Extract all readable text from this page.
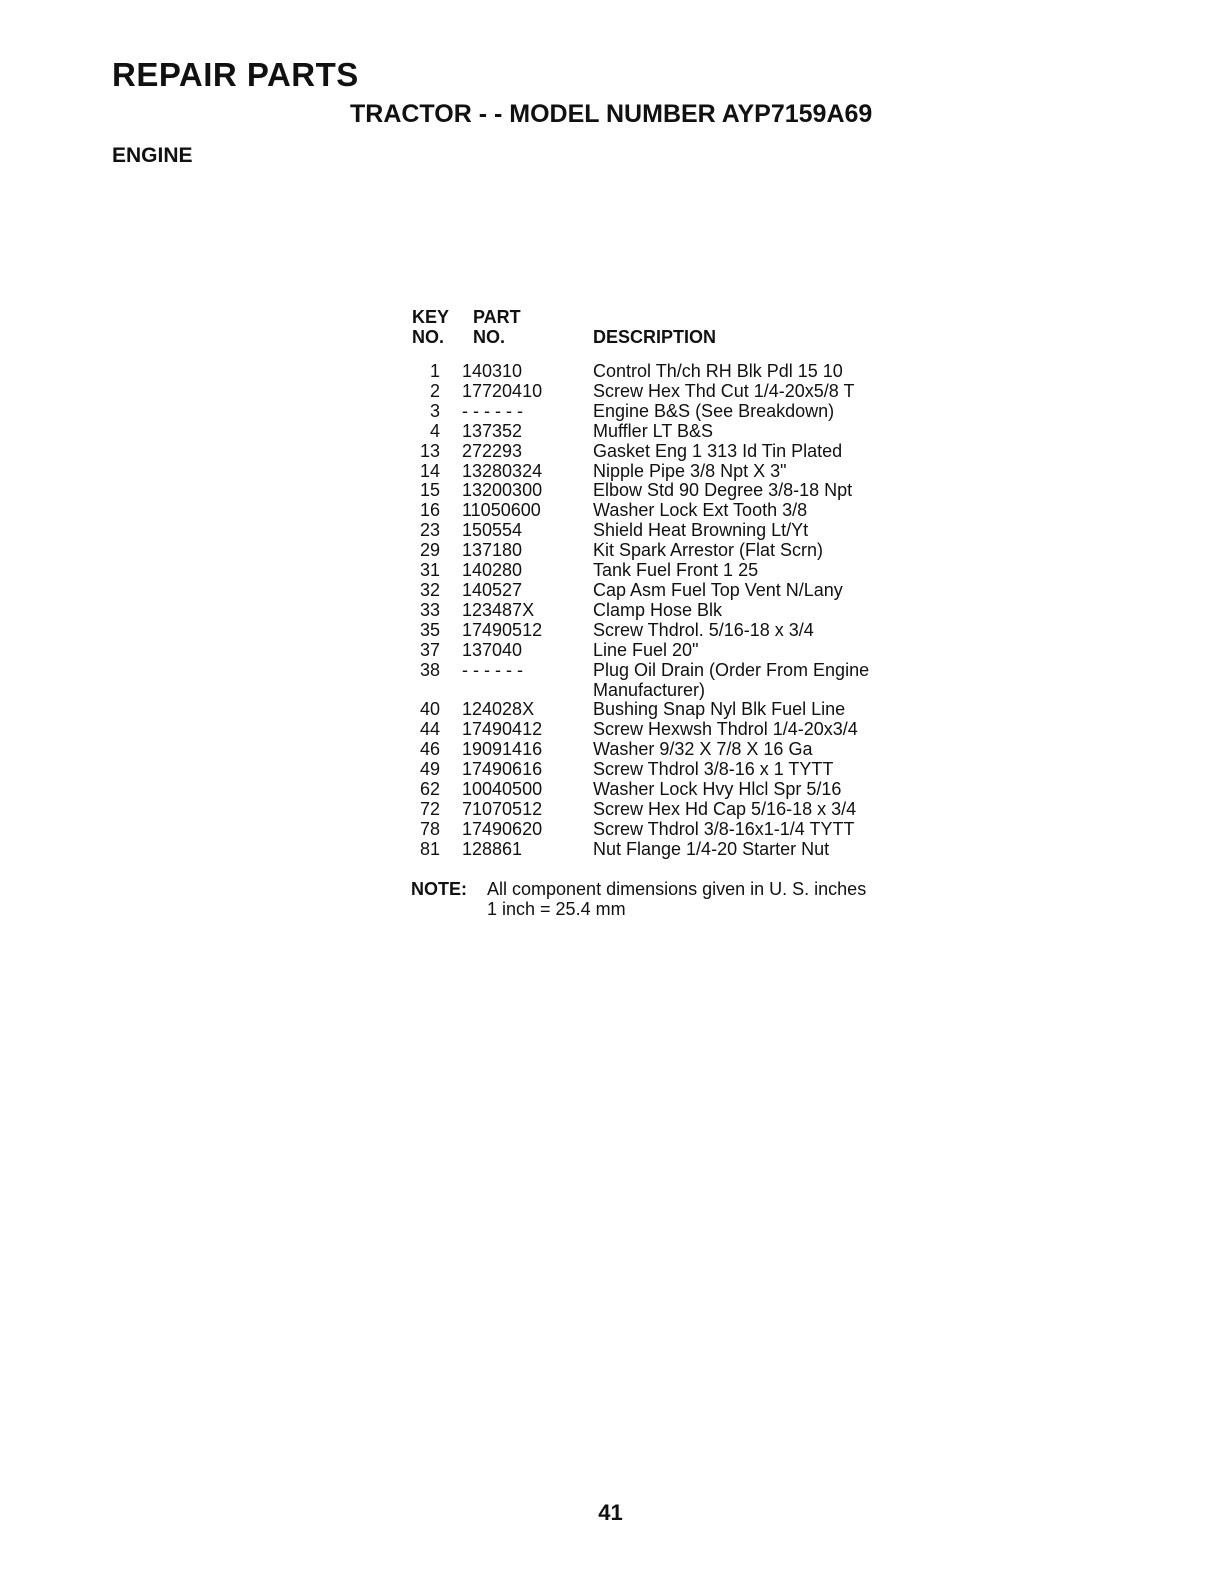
REPAIR PARTS
TRACTOR - - MODEL NUMBER AYP7159A69
ENGINE
KEY
NO.
PART
NO.	DESCRIPTION
1	140310	Control Th/ch RH Blk Pdl 15 10
2	17720410	Screw Hex Thd Cut 1/4-20x5/8 T
3	- - - - - -	Engine B&S (See Breakdown)
4	137352	Muffler LT B&S
13	272293	Gasket Eng 1 313 Id Tin Plated
14	13280324	Nipple Pipe 3/8 Npt X 3"
15	13200300	Elbow Std 90 Degree 3/8-18 Npt
16	11050600	Washer Lock Ext Tooth 3/8
23	150554	Shield Heat Browning Lt/Yt
29	137180	Kit Spark Arrestor (Flat Scrn)
31	140280	Tank Fuel Front 1 25
32	140527	Cap Asm Fuel Top Vent N/Lany
33	123487X	Clamp Hose Blk
35	17490512	Screw Thdrol. 5/16-18 x 3/4
37	137040	Line Fuel 20"
38	- - - - - -	Plug Oil Drain (Order From Engine
Manufacturer)
40	124028X	Bushing Snap Nyl Blk Fuel Line
44	17490412	Screw Hexwsh Thdrol 1/4-20x3/4
46	19091416	Washer 9/32 X 7/8 X 16 Ga
49	17490616	Screw Thdrol 3/8-16 x 1 TYTT
62	10040500	Washer Lock Hvy Hlcl Spr 5/16
72	71070512	Screw Hex Hd Cap 5/16-18 x 3/4
78	17490620	Screw Thdrol 3/8-16x1-1/4 TYTT
81	128861	Nut Flange 1/4-20 Starter Nut
NOTE: All component dimensions given in U. S. inches
1 inch = 25.4 mm
41
